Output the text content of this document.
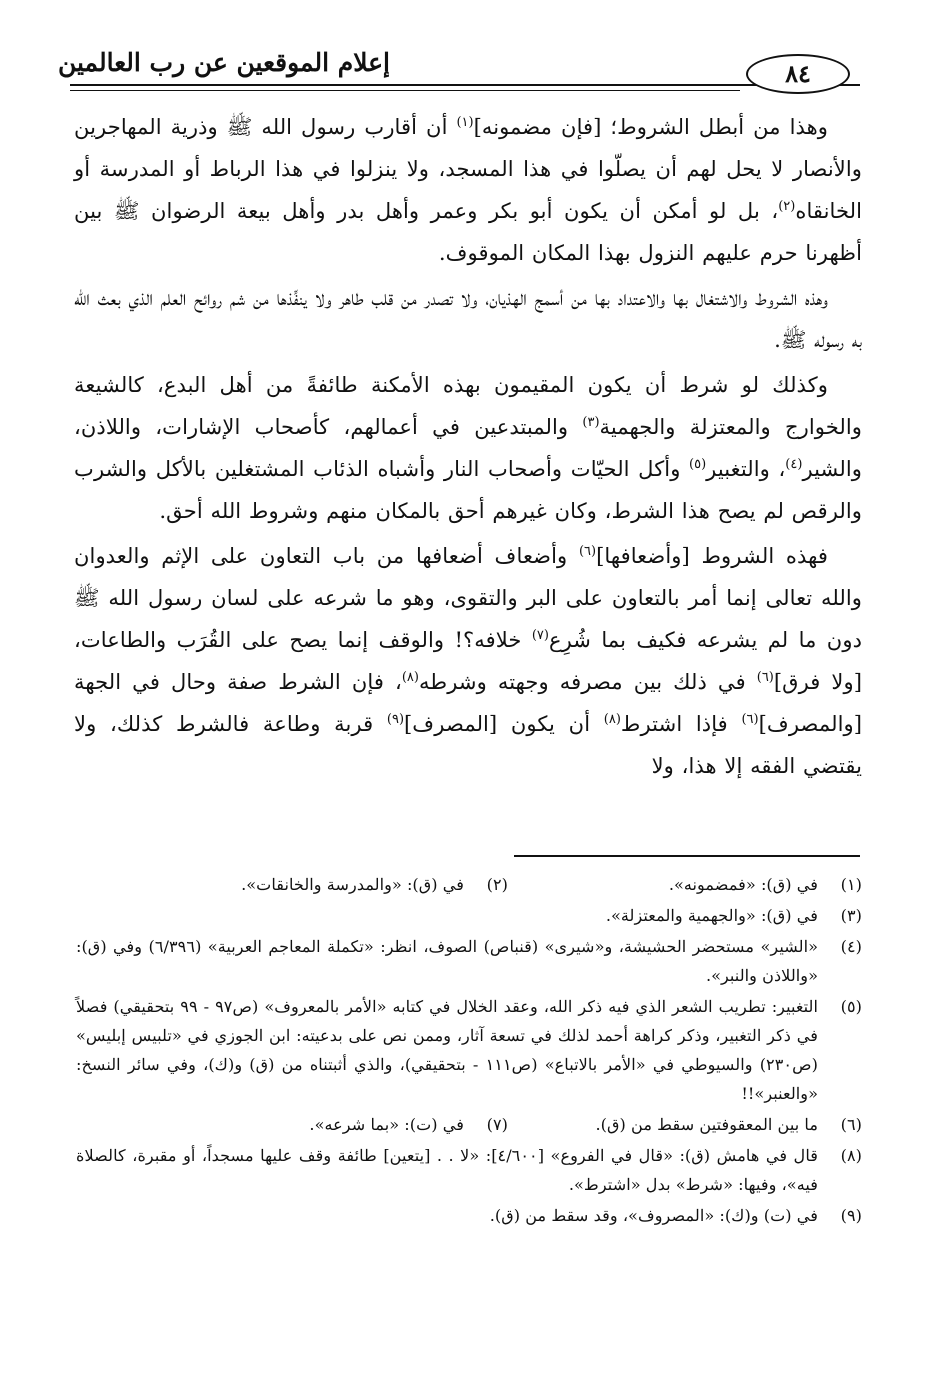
إعلام الموقعين عن رب العالمين	٨٤

وهذا من أبطل الشروط؛ [فإن مضمونه]$^{(١)}$ أن أقارب رسول الله ﷺ وذرية المهاجرين والأنصار لا يحل لهم أن يصلّوا في هذا المسجد، ولا ينزلوا في هذا الرباط أو المدرسة أو الخانقاه$^{(٢)}$، بل لو أمكن أن يكون أبو بكر وعمر وأهل بدر وأهل بيعة الرضوان ﷺ بين أظهرنا حرم عليهم النزول بهذا المكان الموقوف.

وهذه الشروط والاشتغال بها والاعتداد بها من أسمج الهذيان، ولا تصدر من قلب طاهر ولا ينفِّذها من شم روائح العلم الذي بعث الله به رسوله ﷺ.

وكذلك لو شرط أن يكون المقيمون بهذه الأمكنة طائفةً من أهل البدع، كالشيعة والخوارج والمعتزلة والجهمية$^{(٣)}$ والمبتدعين في أعمالهم، كأصحاب الإشارات، واللاذن، والشير$^{(٤)}$، والتغبير$^{(٥)}$ وأكل الحيّات وأصحاب النار وأشباه الذئاب المشتغلين بالأكل والشرب والرقص لم يصح هذا الشرط، وكان غيرهم أحق بالمكان منهم وشروط الله أحق.

فهذه الشروط [وأضعافها]$^{(٦)}$ وأضعاف أضعافها من باب التعاون على الإثم والعدوان والله تعالى إنما أمر بالتعاون على البر والتقوى، وهو ما شرعه على لسان رسول الله ﷺ دون ما لم يشرعه فكيف بما شُرِع$^{(٧)}$ خلافه؟! والوقف إنما يصح على القُرَب والطاعات، [ولا فرق]$^{(٦)}$ في ذلك بين مصرفه وجهته وشرطه$^{(٨)}$، فإن الشرط صفة وحال في الجهة [والمصرف]$^{(٦)}$ فإذا اشترط$^{(٨)}$ أن يكون [المصرف]$^{(٩)}$ قربة وطاعة فالشرط كذلك، ولا يقتضي الفقه إلا هذا، ولا

(١)
في (ق): «فمضمونه».
(٢)
في (ق): «والمدرسة والخانقات».
(٣)
في (ق): «والجهمية والمعتزلة».
(٤)
«الشير» مستحضر الحشيشة، و«شيرى» (قنباص) الصوف، انظر: «تكملة المعاجم العربية» (٦/٣٩٦) وفي (ق): «واللاذن والنبر».
(٥)
التغبير: تطريب الشعر الذي فيه ذكر الله، وعقد الخلال في كتابه «الأمر بالمعروف» (ص٩٧ - ٩٩ بتحقيقي) فصلاً في ذكر التغبير، وذكر كراهة أحمد لذلك في تسعة آثار، وممن نص على بدعيته: ابن الجوزي في «تلبيس إبليس» (ص٢٣٠) والسيوطي في «الأمر بالاتباع» (ص١١١ - بتحقيقي)، والذي أثبتناه من (ق) و(ك)، وفي سائر النسخ: «والعنبر»!!
(٦)
ما بين المعقوفتين سقط من (ق).
(٧)
في (ت): «بما شرعه».
(٨)
قال في هامش (ق): «قال في الفروع» [٤/٦٠٠]: «لا . . [يتعين] طائفة وقف عليها مسجداً، أو مقبرة، كالصلاة فيه»، وفيها: «شرط» بدل «اشترط».
(٩)
في (ت) و(ك): «المصروف»، وقد سقط من (ق).
